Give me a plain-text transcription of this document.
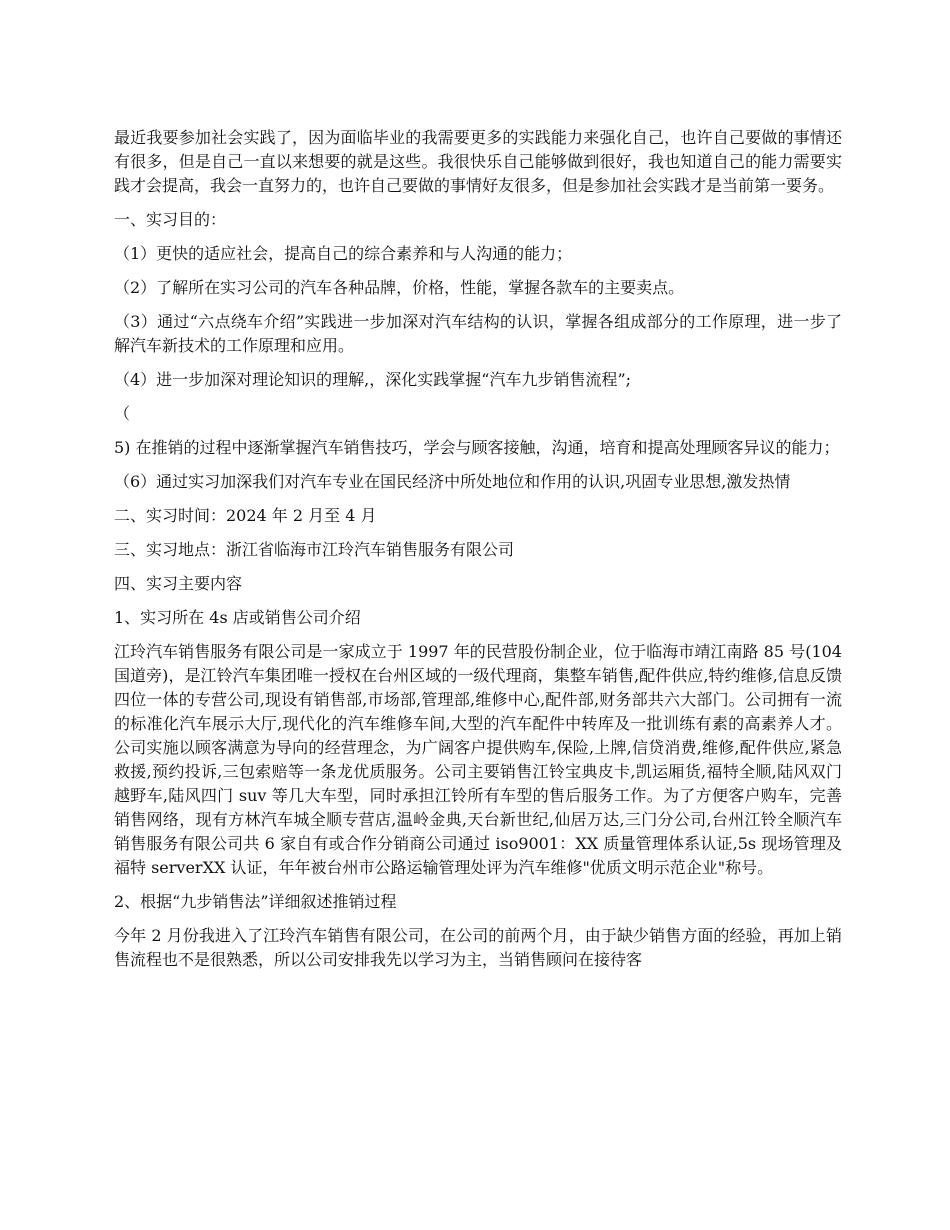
最近我要参加社会实践了，因为面临毕业的我需要更多的实践能力来强化自己，也许自己要做的事情还有很多，但是自己一直以来想要的就是这些。我很快乐自己能够做到很好，我也知道自己的能力需要实践才会提高，我会一直努力的，也许自己要做的事情好友很多，但是参加社会实践才是当前第一要务。

一、实习目的：

（1）更快的适应社会，提高自己的综合素养和与人沟通的能力；

（2）了解所在实习公司的汽车各种品牌，价格，性能，掌握各款车的主要卖点。

（3）通过“六点绕车介绍”实践进一步加深对汽车结构的认识，掌握各组成部分的工作原理，进一步了解汽车新技术的工作原理和应用。

（4）进一步加深对理论知识的理解,，深化实践掌握“汽车九步销售流程”;

（

5) 在推销的过程中逐渐掌握汽车销售技巧，学会与顾客接触，沟通，培育和提高处理顾客异议的能力；

（6）通过实习加深我们对汽车专业在国民经济中所处地位和作用的认识,巩固专业思想,激发热情

二、实习时间：2024 年 2 月至 4 月

三、实习地点：浙江省临海市江玲汽车销售服务有限公司

四、实习主要内容

1、实习所在 4s 店或销售公司介绍

江玲汽车销售服务有限公司是一家成立于 1997 年的民营股份制企业，位于临海市靖江南路 85 号(104 国道旁)，是江铃汽车集团唯一授权在台州区域的一级代理商，集整车销售,配件供应,特约维修,信息反馈四位一体的专营公司,现设有销售部,市场部,管理部,维修中心,配件部,财务部共六大部门。公司拥有一流的标准化汽车展示大厅,现代化的汽车维修车间,大型的汽车配件中转库及一批训练有素的高素养人才。公司实施以顾客满意为导向的经营理念，为广阔客户提供购车,保险,上牌,信贷消费,维修,配件供应,紧急救援,预约投诉,三包索赔等一条龙优质服务。公司主要销售江铃宝典皮卡,凯运厢货,福特全顺,陆风双门越野车,陆风四门 suv 等几大车型，同时承担江铃所有车型的售后服务工作。为了方便客户购车，完善销售网络，现有方林汽车城全顺专营店,温岭金典,天台新世纪,仙居万达,三门分公司,台州江铃全顺汽车销售服务有限公司共 6 家自有或合作分销商公司通过 iso9001：XX 质量管理体系认证,5s 现场管理及福特 serverXX 认证，年年被台州市公路运输管理处评为汽车维修"优质文明示范企业"称号。

2、根据“九步销售法”详细叙述推销过程

今年 2 月份我进入了江玲汽车销售有限公司，在公司的前两个月，由于缺少销售方面的经验，再加上销售流程也不是很熟悉，所以公司安排我先以学习为主，当销售顾问在接待客
